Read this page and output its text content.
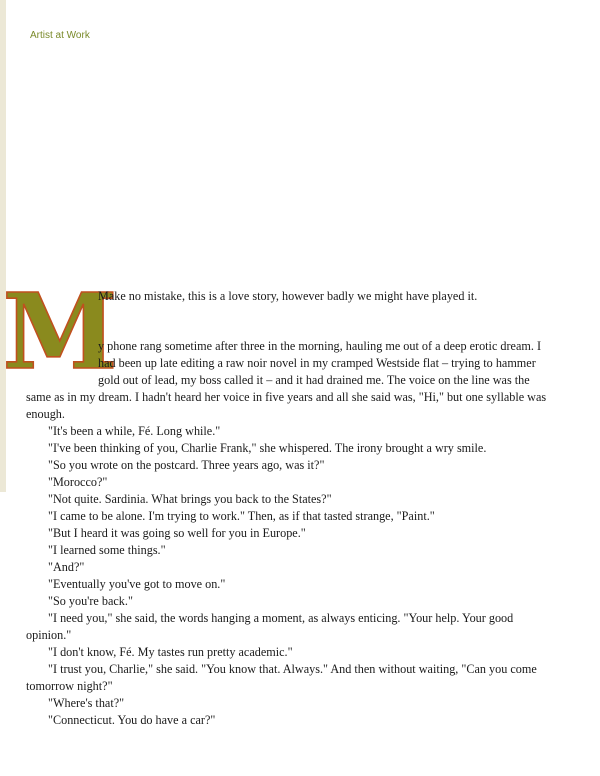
Artist at Work
M

Make no mistake, this is a love story, however badly we might have played it.

y phone rang sometime after three in the morning, hauling me out of a deep erotic dream. I had been up late editing a raw noir novel in my cramped Westside flat – trying to hammer gold out of lead, my boss called it – and it had drained me. The voice on the line was the same as in my dream. I hadn't heard her voice in five years and all she said was, "Hi," but one syllable was enough.

"It's been a while, Fé. Long while."

"I've been thinking of you, Charlie Frank," she whispered. The irony brought a wry smile.

"So you wrote on the postcard. Three years ago, was it?"

"Morocco?"

"Not quite. Sardinia. What brings you back to the States?"

"I came to be alone. I'm trying to work." Then, as if that tasted strange, "Paint."

"But I heard it was going so well for you in Europe."

"I learned some things."

"And?"

"Eventually you've got to move on."

"So you're back."

"I need you," she said, the words hanging a moment, as always enticing. "Your help. Your good opinion."

"I don't know, Fé. My tastes run pretty academic."

"I trust you, Charlie," she said. "You know that. Always." And then without waiting, "Can you come tomorrow night?"

"Where's that?"

"Connecticut. You do have a car?"
